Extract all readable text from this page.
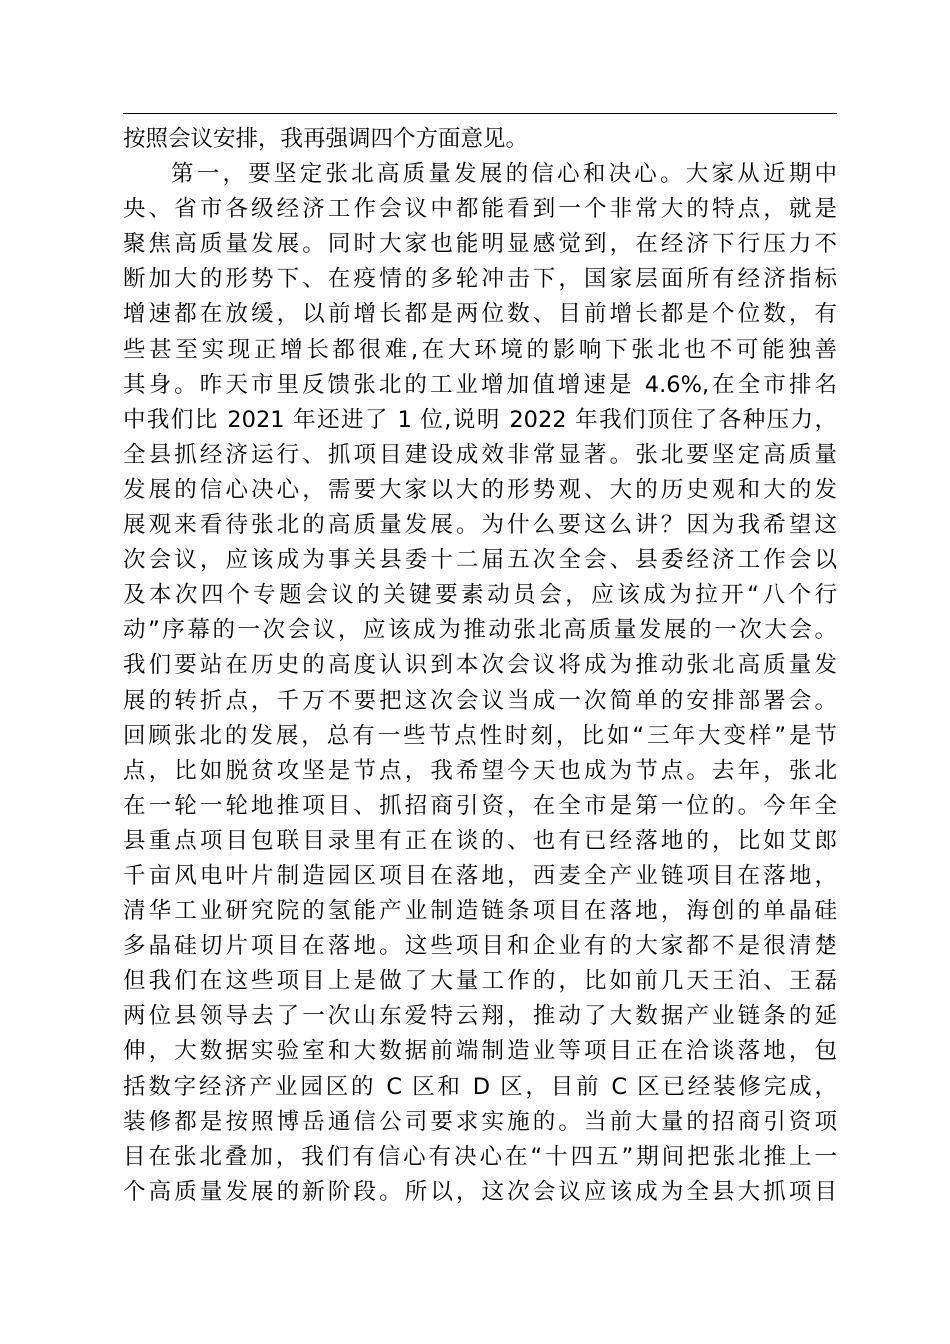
按照会议安排，我再强调四个方面意见。
第一，要坚定张北高质量发展的信心和决心。大家从近期中
央、省市各级经济工作会议中都能看到一个非常大的特点，就是
聚焦高质量发展。同时大家也能明显感觉到，在经济下行压力不
断加大的形势下、在疫情的多轮冲击下，国家层面所有经济指标
增速都在放缓，以前增长都是两位数、目前增长都是个位数，有
些甚至实现正增长都很难,在大环境的影响下张北也不可能独善
其身。昨天市里反馈张北的工业增加值增速是 4.6%,在全市排名
中我们比 2021 年还进了 1 位,说明 2022 年我们顶住了各种压力，
全县抓经济运行、抓项目建设成效非常显著。张北要坚定高质量
发展的信心决心，需要大家以大的形势观、大的历史观和大的发
展观来看待张北的高质量发展。为什么要这么讲？因为我希望这
次会议，应该成为事关县委十二届五次全会、县委经济工作会以
及本次四个专题会议的关键要素动员会，应该成为拉开“八个行
动”序幕的一次会议，应该成为推动张北高质量发展的一次大会。
我们要站在历史的高度认识到本次会议将成为推动张北高质量发
展的转折点，千万不要把这次会议当成一次简单的安排部署会。
回顾张北的发展，总有一些节点性时刻，比如“三年大变样”是节
点，比如脱贫攻坚是节点，我希望今天也成为节点。去年，张北
在一轮一轮地推项目、抓招商引资，在全市是第一位的。今年全
县重点项目包联目录里有正在谈的、也有已经落地的，比如艾郎
千亩风电叶片制造园区项目在落地，西麦全产业链项目在落地，
清华工业研究院的氢能产业制造链条项目在落地，海创的单晶硅
多晶硅切片项目在落地。这些项目和企业有的大家都不是很清楚
但我们在这些项目上是做了大量工作的，比如前几天王泊、王磊
两位县领导去了一次山东爱特云翔，推动了大数据产业链条的延
伸，大数据实验室和大数据前端制造业等项目正在洽谈落地，包
括数字经济产业园区的 C 区和 D 区，目前 C 区已经装修完成，
装修都是按照博岳通信公司要求实施的。当前大量的招商引资项
目在张北叠加，我们有信心有决心在“十四五”期间把张北推上一
个高质量发展的新阶段。所以，这次会议应该成为全县大抓项目
